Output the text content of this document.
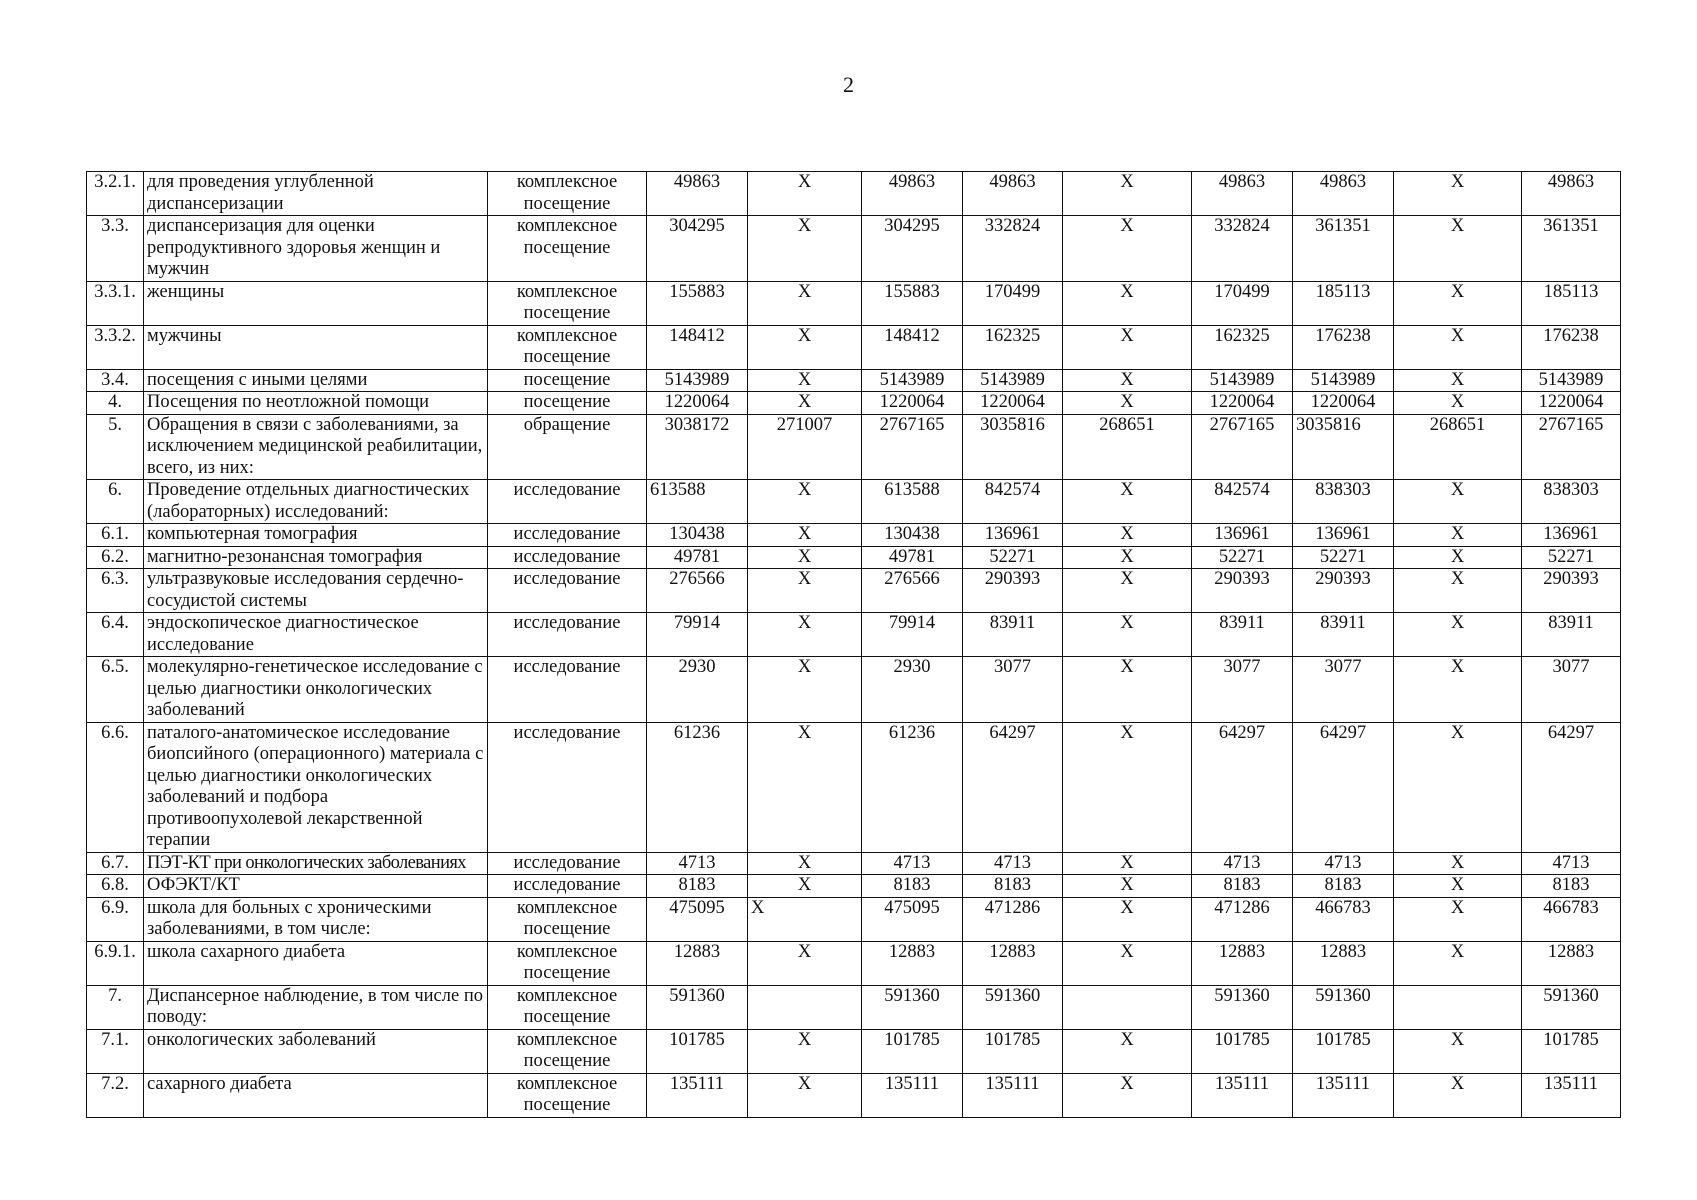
2
3.2.1.	для проведения углубленной диспансеризации	комплексное посещение	49863	Х	49863	49863	Х	49863	49863	Х	49863
3.3.	диспансеризация для оценки репродуктивного здоровья женщин и мужчин	комплексное посещение	304295	Х	304295	332824	Х	332824	361351	Х	361351
3.3.1.	женщины	комплексное посещение	155883	Х	155883	170499	Х	170499	185113	Х	185113
3.3.2.	мужчины	комплексное посещение	148412	Х	148412	162325	Х	162325	176238	Х	176238
3.4.	посещения с иными целями	посещение	5143989	Х	5143989	5143989	Х	5143989	5143989	Х	5143989
4.	Посещения по неотложной помощи	посещение	1220064	Х	1220064	1220064	Х	1220064	1220064	Х	1220064
5.	Обращения в связи с заболеваниями, за исключением медицинской реабилитации, всего, из них:	обращение	3038172	271007	2767165	3035816	268651	2767165	3035816	268651	2767165
6.	Проведение отдельных диагностических (лабораторных) исследований:	исследование	613588	Х	613588	842574	Х	842574	838303	Х	838303
6.1.	компьютерная томография	исследование	130438	Х	130438	136961	Х	136961	136961	Х	136961
6.2.	магнитно-резонансная томография	исследование	49781	Х	49781	52271	Х	52271	52271	Х	52271
6.3.	ультразвуковые исследования сердечно-сосудистой системы	исследование	276566	Х	276566	290393	Х	290393	290393	Х	290393
6.4.	эндоскопическое диагностическое исследование	исследование	79914	Х	79914	83911	Х	83911	83911	Х	83911
6.5.	молекулярно-генетическое исследование с целью диагностики онкологических заболеваний	исследование	2930	Х	2930	3077	Х	3077	3077	Х	3077
6.6.	паталого-анатомическое исследование биопсийного (операционного) материала с целью диагностики онкологических заболеваний и подбора противоопухолевой лекарственной терапии	исследование	61236	Х	61236	64297	Х	64297	64297	Х	64297
6.7.	ПЭТ-КТ при онкологических заболеваниях	исследование	4713	Х	4713	4713	Х	4713	4713	Х	4713
6.8.	ОФЭКТ/КТ	исследование	8183	Х	8183	8183	Х	8183	8183	Х	8183
6.9.	школа для больных с хроническими заболеваниями, в том числе:	комплексное посещение	475095	Х	475095	471286	Х	471286	466783	Х	466783
6.9.1.	школа сахарного диабета	комплексное посещение	12883	Х	12883	12883	Х	12883	12883	Х	12883
7.	Диспансерное наблюдение, в том числе по поводу:	комплексное посещение	591360		591360	591360		591360	591360		591360
7.1.	онкологических заболеваний	комплексное посещение	101785	Х	101785	101785	Х	101785	101785	Х	101785
7.2.	сахарного диабета	комплексное посещение	135111	Х	135111	135111	Х	135111	135111	Х	135111
